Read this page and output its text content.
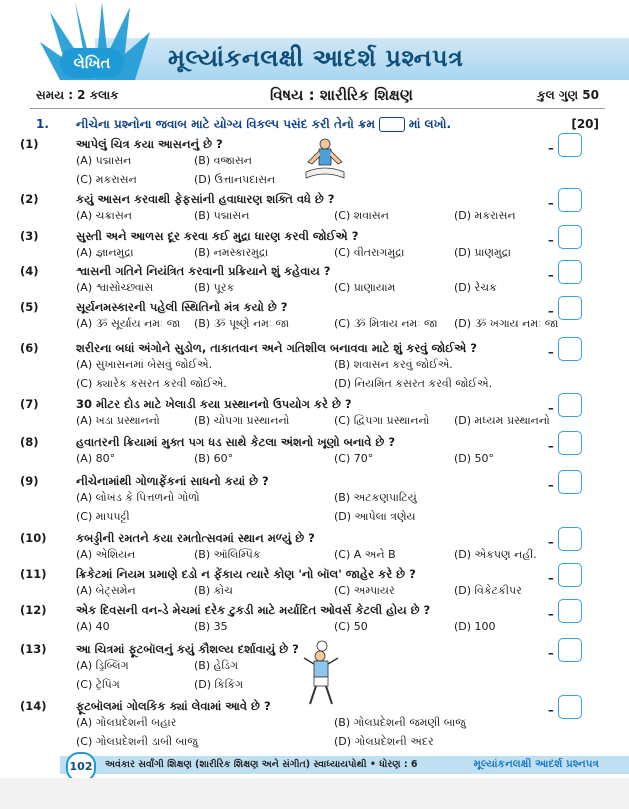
લેખિત	મૂલ્યાંકનલક્ષી આદર્શ પ્રશ્નપત્ર
સમય : 2 કલાક	વિષય : શારીરિક શિક્ષણ	કુલ ગુણ 50
1. નીચેના પ્રશ્નોના જવાબ માટે યોગ્ય વિકલ્પ પસંદ કરી તેનો ક્રમ	માં લખો.	[20]
(1)	આપેલું ચિત્ર કયા આસનનું છે ?	–
(A) પદ્માસન	(B) વજ્રાસન
(C) મકરાસન	(D) ઉત્તાનપદાસન
(2)	કયું આસન કરવાથી ફેફસાંની હવાધારણ શક્તિ વધે છે ?	–
(A) ચક્રાસન	(B) પદ્માસન	(C) શવાસન	(D) મકરાસન
(3)	સુસ્તી અને આળસ દૂર કરવા કઈ મુદ્રા ધારણ કરવી જોઈએ ?	–
(A) જ્ઞાનમુદ્રા	(B) નમસ્કારમુદ્રા	(C) વીતરાગમુદ્રા	(D) પ્રાણમુદ્રા
(4)	શ્વાસની ગતિને નિયંત્રિત કરવાની પ્રક્રિયાને શું કહેવાય ?	–
(A) શ્વાસોચ્છ્વાસ	(B) પૂરક	(C) પ્રાણાયામ	(D) રેચક
(5)	સૂર્યનમસ્કારની પહેલી સ્થિતિનો મંત્ર કયો છે ?	–
(A) ૐ સૂર્યાય નમઃ જા (B) ૐ પૂષ્ણે નમઃ જા	(C) ૐ મિત્રાય નમઃ જા (D) ૐ ખગાય નમઃ જા
(6)	શરીરના બધાં અંગોને સુડોળ, તાકાતવાન અને ગતિશીલ બનાવવા માટે શું કરવું જોઈએ ?	–
(A) સુખાસનમાં બેસવું જોઈએ.	(B) શવાસન કરવું જોઈએ.
(C) ક્યારેક કસરત કરવી જોઈએ.	(D) નિયમિત કસરત કરવી જોઈએ.
(7)	30 મીટર દોડ માટે ખેલાડી કયા પ્રસ્થાનનો ઉપયોગ કરે છે ?	–
(A) ખડા પ્રસ્થાનનો	(B) ચોપગા પ્રસ્થાનનો	(C) દ્વિપગા પ્રસ્થાનનો (D) મધ્યમ પ્રસ્થાનનો
(8)	હવાતરની ક્રિયામાં મુક્ત પગ ધડ સાથે કેટલા અંશનો ખૂણો બનાવે છે ?	–
(A) 80°	(B) 60°	(C) 70°	(D) 50°
(9)	નીચેનામાંથી ગોળાફેંકનાં સાધનો કયાં છે ?	–
(A) લોખંડ કે પિત્તળનો ગોળો	(B) અટકણપાટિયું
(C) માપપટ્ટી	(D) આપેલા ત્રણેય
(10)	કબડ્ડીની રમતને કયા રમતોત્સવમાં સ્થાન મળ્યું છે ?	–
(A) એશિયન	(B) ઑલિમ્પિક	(C) A અને B	(D) એકપણ નહીં.
(11)	ક્રિકેટમાં નિયમ પ્રમાણે દડો ન ફેંકાય ત્યારે કોણ 'નો બૉલ' જાહેર કરે છે ?	–
(A) બેટ્સમેન	(B) કોચ	(C) અમ્પાયર	(D) વિકેટકીપર
(12)	એક દિવસની વન-ડે મેચમાં દરેક ટુકડી માટે મર્યાદિત ઓવર્સ કેટલી હોય છે ?	–
(A) 40	(B) 35	(C) 50	(D) 100
(13)	આ ચિત્રમાં ફૂટબૉલનું કયું કૌશલ્ય દર્શાવાયું છે ?	–
(A) ડ્રિબ્લિંગ	(B) હેડિંગ
(C) ટ્રેપિંગ	(D) કિકિંગ
(14)	ફૂટબૉલમાં ગોલકિક ક્યાં લેવામાં આવે છે ?	–
(A) ગોલપ્રદેશની બહાર	(B) ગોલપ્રદેશની જમણી બાજુ
(C) ગોલપ્રદેશની ડાબી બાજુ	(D) ગોલપ્રદેશની અંદર
102	અવંકાર સર્વાંગી શિક્ષણ (શારીરિક શિક્ષણ અને સંગીત) સ્વાધ્યાયપોથી • ધોરણ : 6	મૂલ્યાંકનલક્ષી આદર્શ પ્રશ્નપત્ર
